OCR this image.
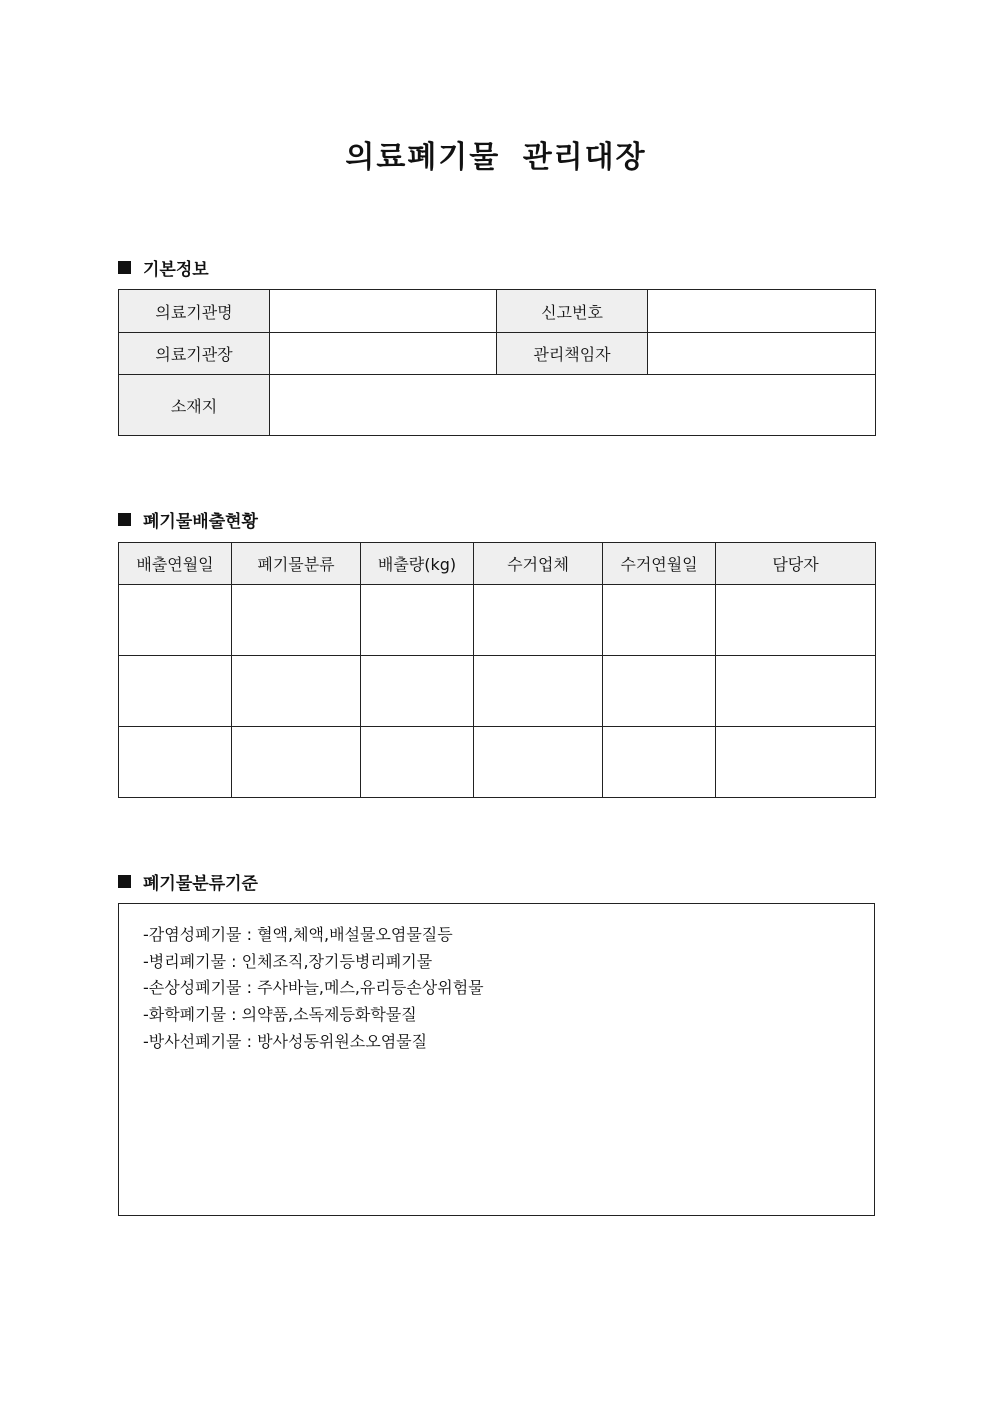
의료폐기물 관리대장
기본정보
의료기관명		신고번호	
의료기관장		관리책임자	
소재지			
폐기물배출현황
배출연월일	폐기물분류	배출량(kg)	수거업체	수거연월일	담당자

폐기물분류기준
-감염성폐기물 : 혈액,체액,배설물오염물질등
-병리폐기물 : 인체조직,장기등병리폐기물
-손상성폐기물 : 주사바늘,메스,유리등손상위험물
-화학폐기물 : 의약품,소독제등화학물질
-방사선폐기물 : 방사성동위원소오염물질
